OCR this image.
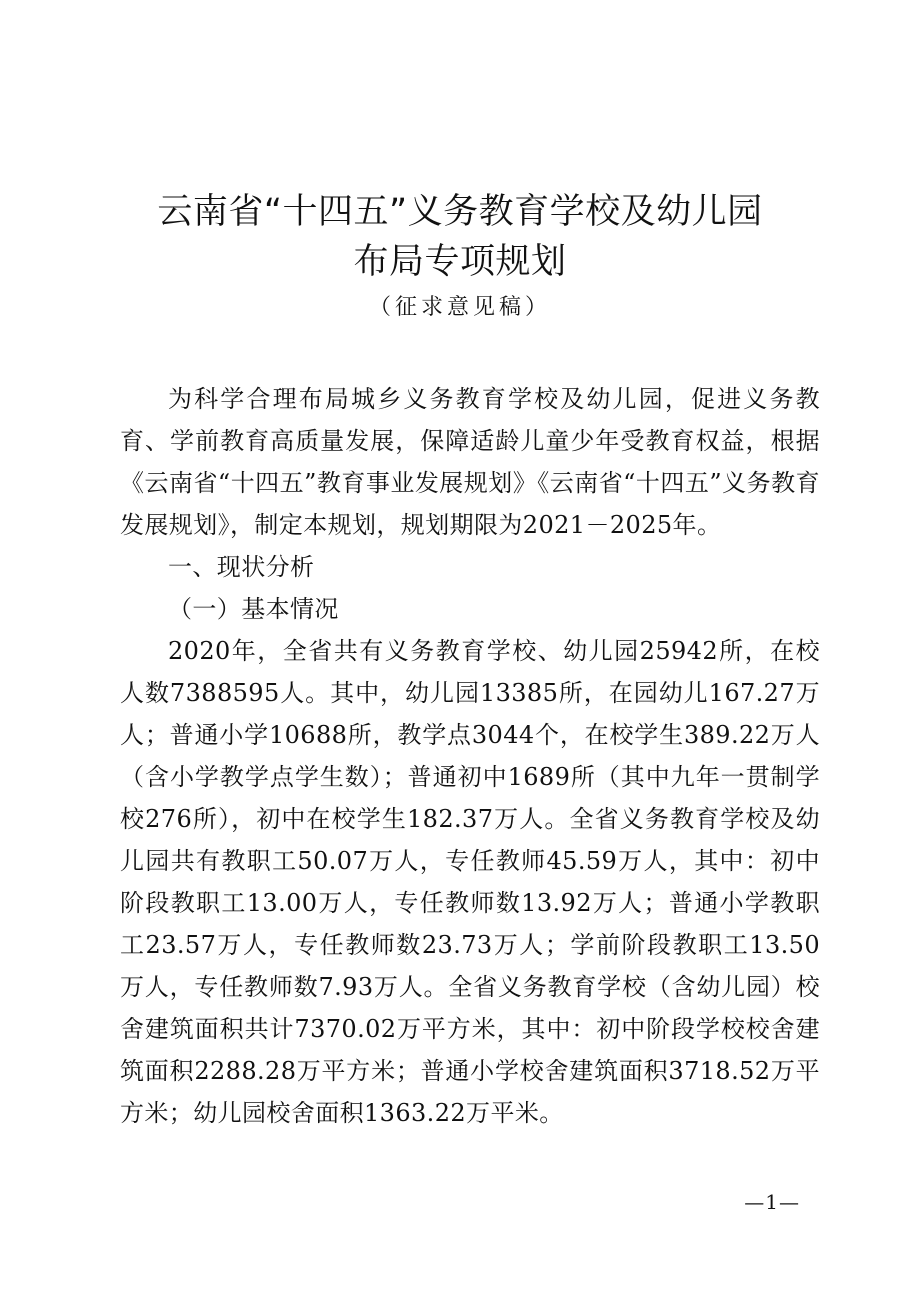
云南省“十四五”义务教育学校及幼儿园
布局专项规划
（征求意见稿）

为科学合理布局城乡义务教育学校及幼儿园，促进义务教育、学前教育高质量发展，保障适龄儿童少年受教育权益，根据《云南省“十四五”教育事业发展规划》《云南省“十四五”义务教育发展规划》，制定本规划，规划期限为2021－2025年。

一、现状分析

（一）基本情况

2020年，全省共有义务教育学校、幼儿园25942所，在校人数7388595人。其中，幼儿园13385所，在园幼儿167.27万人；普通小学10688所，教学点3044个，在校学生389.22万人（含小学教学点学生数）；普通初中1689所（其中九年一贯制学校276所），初中在校学生182.37万人。全省义务教育学校及幼儿园共有教职工50.07万人，专任教师45.59万人，其中：初中阶段教职工13.00万人，专任教师数13.92万人；普通小学教职工23.57万人，专任教师数23.73万人；学前阶段教职工13.50万人，专任教师数7.93万人。全省义务教育学校（含幼儿园）校舍建筑面积共计7370.02万平方米，其中：初中阶段学校校舍建筑面积2288.28万平方米；普通小学校舍建筑面积3718.52万平方米；幼儿园校舍面积1363.22万平米。

—1—
